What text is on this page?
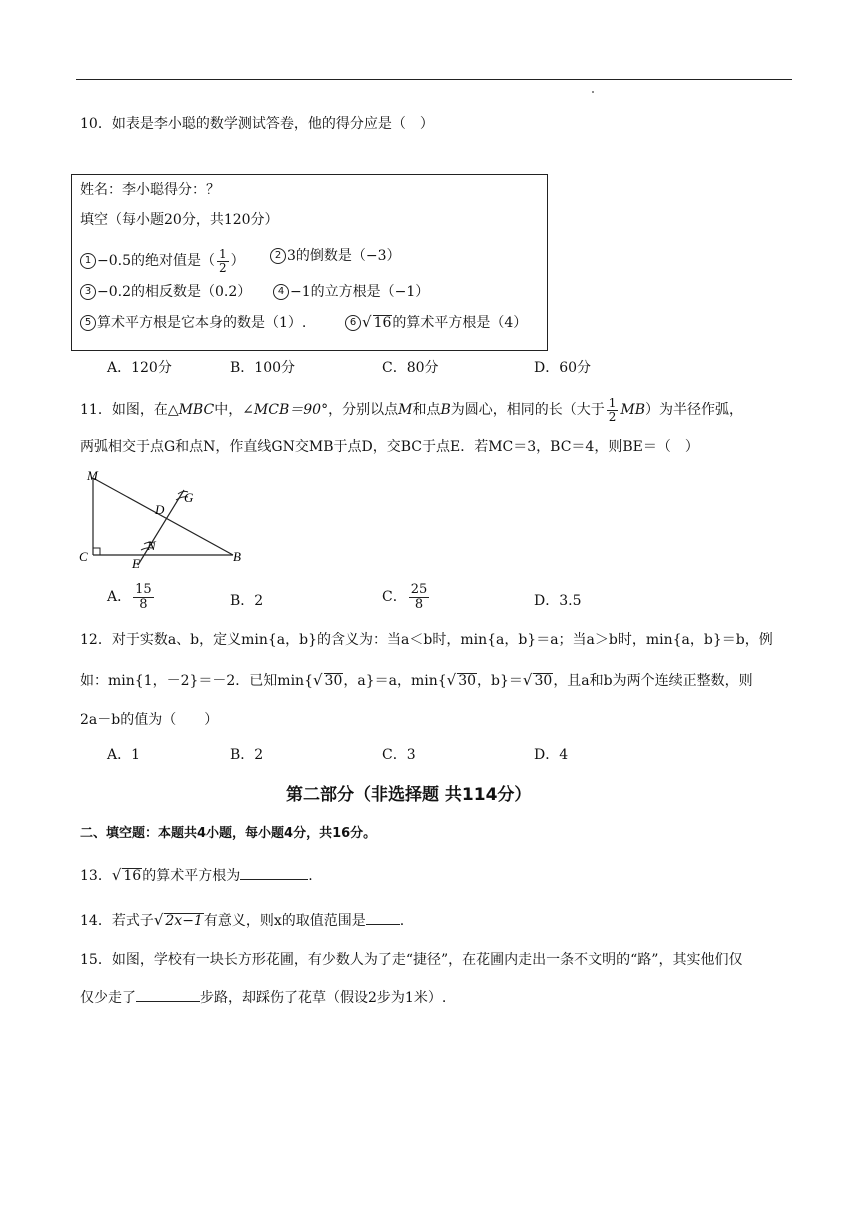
10．如表是李小聪的数学测试答卷，他的得分应是（　）
姓名：李小聪得分：？
填空（每小题20分，共120分）
1 −0.5的绝对值是（ $\frac{1}{2}$ ）	2 3的倒数是（−3）
3 −0.2的相反数是（0.2）	4 −1的立方根是（−1）
5 算术平方根是它本身的数是（1）.	6 √ 16的算术平方根是（4）
A．120分	B．100分	C．80分	D．60分
11．如图，在△MBC中，∠MCB＝90°，分别以点M和点B为圆心，相同的长（大于 $\frac{1}{2} MB$）为半径作弧，
两弧相交于点G和点N，作直线GN交MB于点D，交BC于点E．若MC＝3，BC＝4，则BE＝（　）
M
G
D
C
N
E	B
A． $\frac{15}{8}$	B．2	C． $\frac{25}{8}$	D．3.5
12．对于实数a、b，定义min{a，b}的含义为：当a＜b时，min{a，b}＝a；当a＞b时，min{a，b}＝b，例
如：min{1，－2}＝－2．已知min{√ 30，a}＝a，min{√ 30，b}＝√ 30，且a和b为两个连续正整数，则
2a－b的值为（　　）
A．1	B．2	C．3	D．4
第二部分（非选择题 共114分）
二、填空题：本题共4小题，每小题4分，共16分。
13．√ 16的算术平方根为	.
14．若式子√ 2x−1有意义，则x的取值范围是 .
15．如图，学校有一块长方形花圃，有少数人为了走“捷径”，在花圃内走出一条不文明的“路”，其实他们仅
仅少走了	步路，却踩伤了花草（假设2步为1米）.
